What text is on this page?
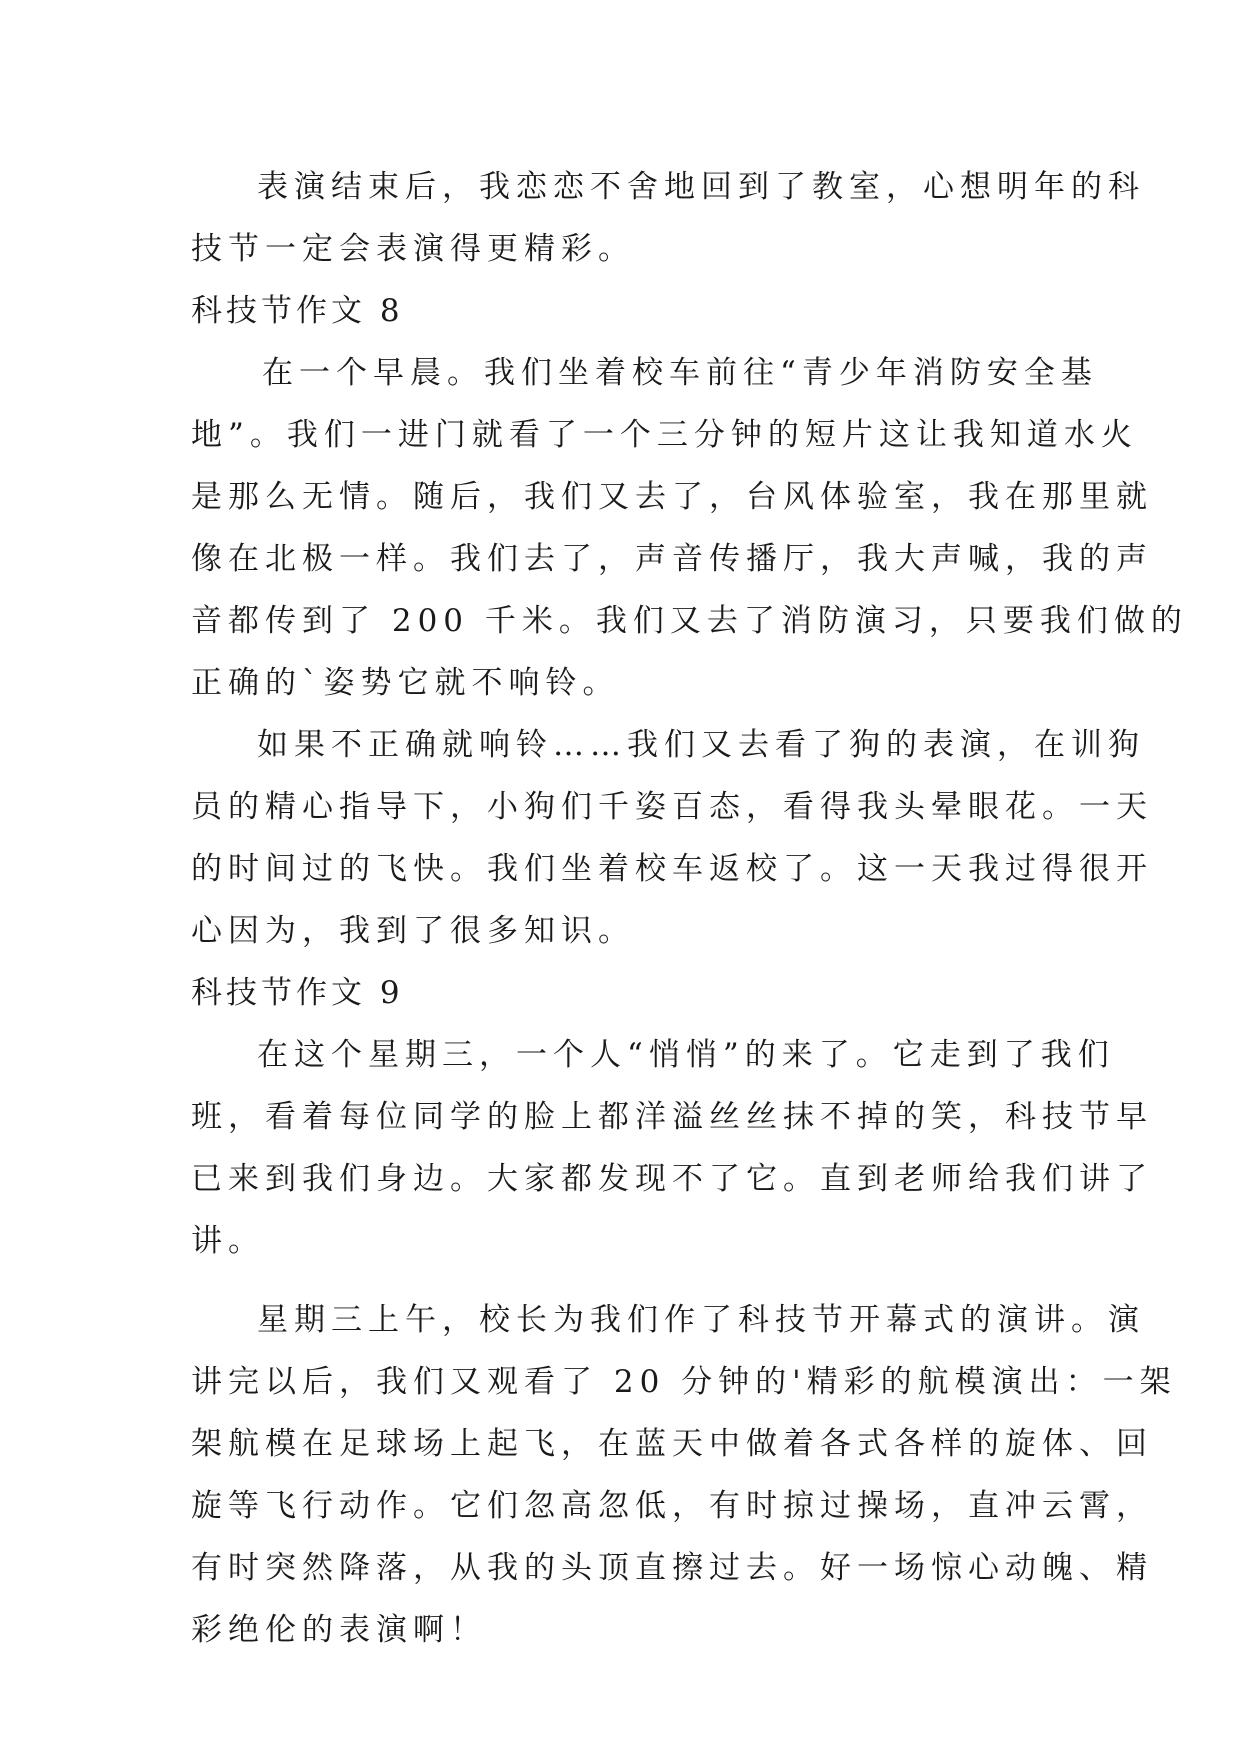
表演结束后，我恋恋不舍地回到了教室，心想明年的科
技节一定会表演得更精彩。
科技节作文 8
在一个早晨。我们坐着校车前往“青少年消防安全基
地”。我们一进门就看了一个三分钟的短片这让我知道水火
是那么无情。随后，我们又去了，台风体验室，我在那里就
像在北极一样。我们去了，声音传播厅，我大声喊，我的声
音都传到了 200 千米。我们又去了消防演习，只要我们做的
正确的`姿势它就不响铃。
如果不正确就响铃……我们又去看了狗的表演，在训狗
员的精心指导下，小狗们千姿百态，看得我头晕眼花。一天
的时间过的飞快。我们坐着校车返校了。这一天我过得很开
心因为，我到了很多知识。
科技节作文 9
在这个星期三，一个人“悄悄”的来了。它走到了我们
班，看着每位同学的脸上都洋溢丝丝抹不掉的笑，科技节早
已来到我们身边。大家都发现不了它。直到老师给我们讲了
讲。
星期三上午，校长为我们作了科技节开幕式的演讲。演
讲完以后，我们又观看了 20 分钟的'精彩的航模演出：一架
架航模在足球场上起飞，在蓝天中做着各式各样的旋体、回
旋等飞行动作。它们忽高忽低，有时掠过操场，直冲云霄，
有时突然降落，从我的头顶直擦过去。好一场惊心动魄、精
彩绝伦的表演啊！
